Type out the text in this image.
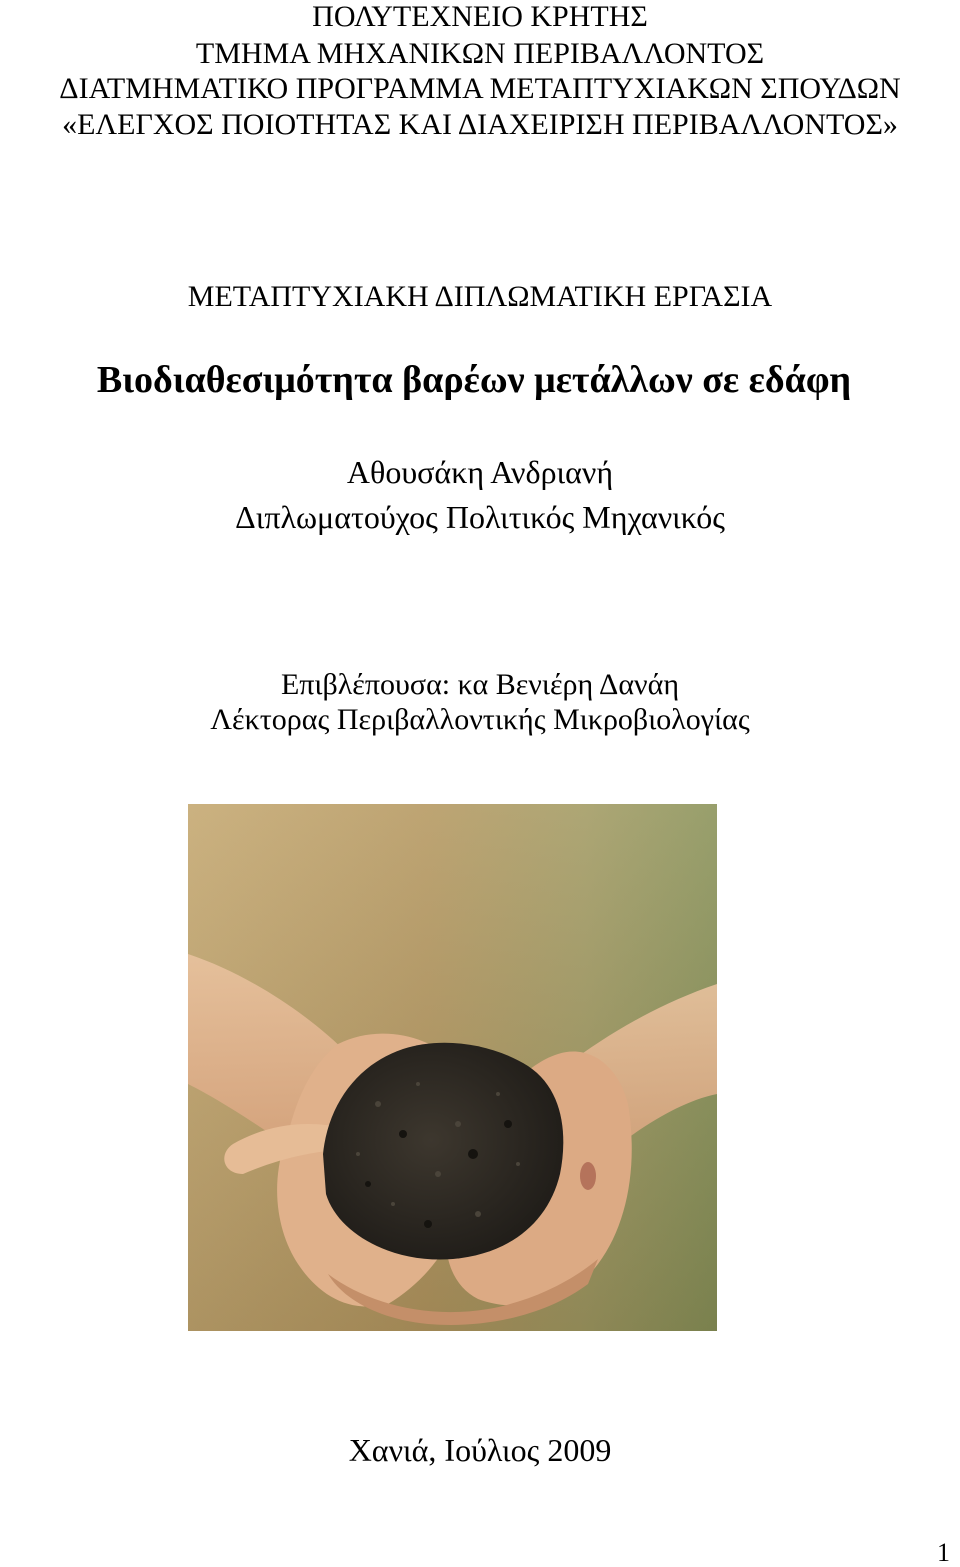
ΠΟΛΥΤΕΧΝΕΙΟ ΚΡΗΤΗΣ
ΤΜΗΜΑ ΜΗΧΑΝΙΚΩΝ ΠΕΡΙΒΑΛΛΟΝΤΟΣ
ΔΙΑΤΜΗΜΑΤΙΚΟ ΠΡΟΓΡΑΜΜΑ ΜΕΤΑΠΤΥΧΙΑΚΩΝ ΣΠΟΥΔΩΝ
«ΕΛΕΓΧΟΣ ΠΟΙΟΤΗΤΑΣ ΚΑΙ ΔΙΑΧΕΙΡΙΣΗ ΠΕΡΙΒΑΛΛΟΝΤΟΣ»
ΜΕΤΑΠΤΥΧΙΑΚΗ ΔΙΠΛΩΜΑΤΙΚΗ ΕΡΓΑΣΙΑ
Βιοδιαθεσιμότητα βαρέων μετάλλων σε εδάφη
Αθουσάκη Ανδριανή
Διπλωματούχος Πολιτικός Μηχανικός
Επιβλέπουσα: κα Βενιέρη Δανάη
Λέκτορας Περιβαλλοντικής Μικροβιολογίας
Χανιά, Ιούλιος 2009
1
